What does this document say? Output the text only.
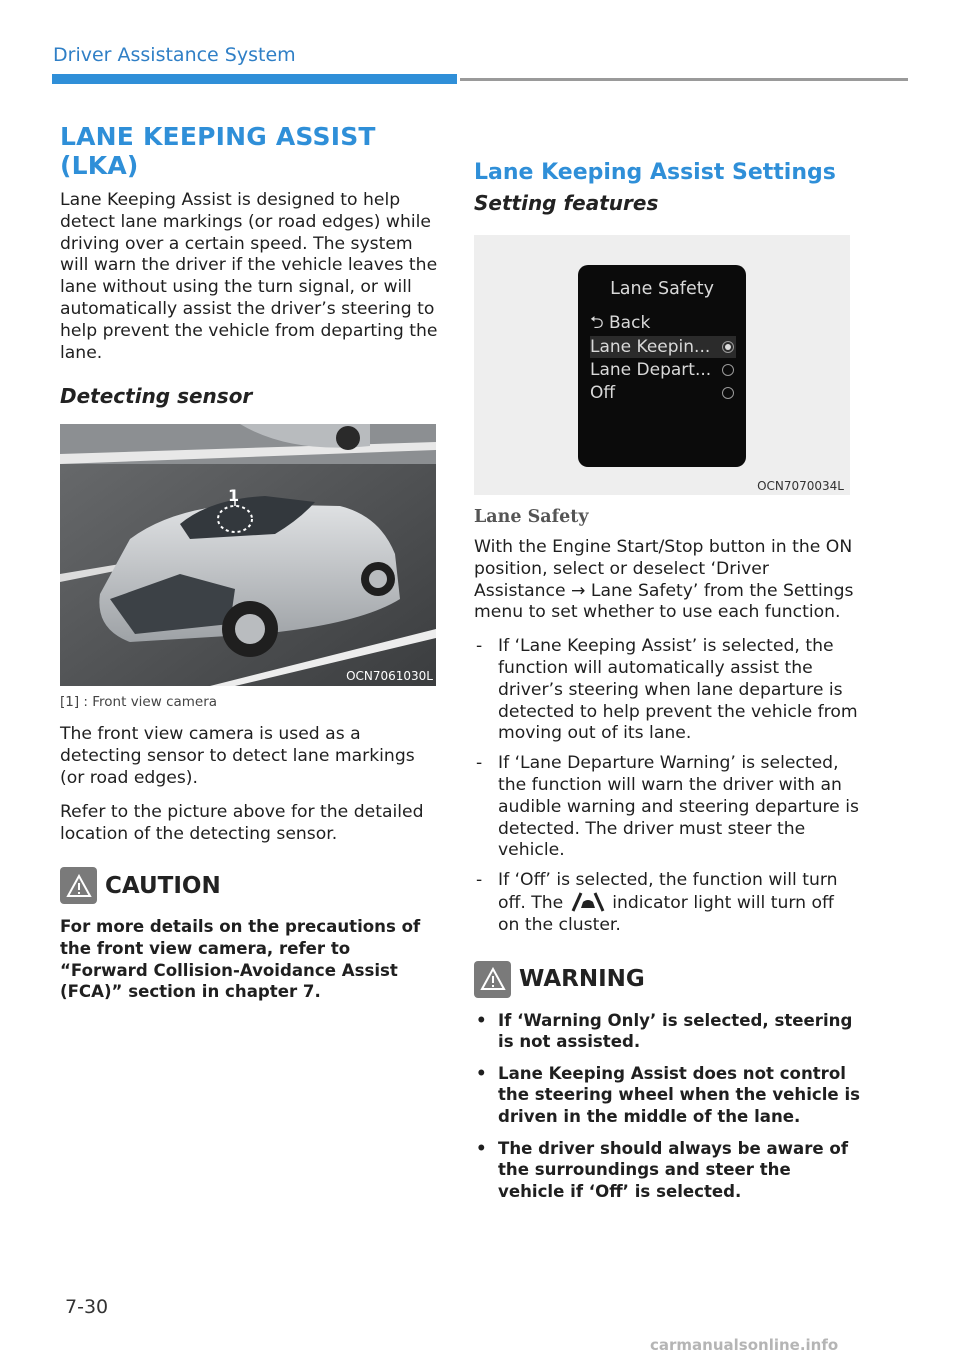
Driver Assistance System
LANE KEEPING ASSIST (LKA)

Lane Keeping Assist is designed to help detect lane markings (or road edges) while driving over a certain speed. The system will warn the driver if the vehicle leaves the lane without using the turn signal, or will automatically assist the driver’s steering to help prevent the vehicle from departing the lane.

Detecting sensor
1
OCN7061030L
[1] : Front view camera

The front view camera is used as a detecting sensor to detect lane markings (or road edges).

Refer to the picture above for the detailed location of the detecting sensor.

CAUTION

For more details on the precautions of the front view camera, refer to “Forward Collision-Avoidance Assist (FCA)” section in chapter 7.

Lane Keeping Assist Settings
Setting features
Lane Safety
⮌ Back
Lane Keepin...
Lane Depart...
Off
OCN7070034L
Lane Safety

With the Engine Start/Stop button in the ON position, select or deselect ‘Driver Assistance → Lane Safety’ from the Settings menu to set whether to use each function.

- If ‘Lane Keeping Assist’ is selected, the function will automatically assist the driver’s steering when lane departure is detected to help prevent the vehicle from moving out of its lane.
- If ‘Lane Departure Warning’ is selected, the function will warn the driver with an audible warning and steering departure is detected. The driver must steer the vehicle.
- If ‘Off’ is selected, the function will turn off. The	indicator light will turn off on the cluster.
WARNING
• If ‘Warning Only’ is selected, steering is not assisted.
• Lane Keeping Assist does not control the steering wheel when the vehicle is driven in the middle of the lane.
• The driver should always be aware of the surroundings and steer the vehicle if ‘Off’ is selected.
7-30
carmanualsonline.info
